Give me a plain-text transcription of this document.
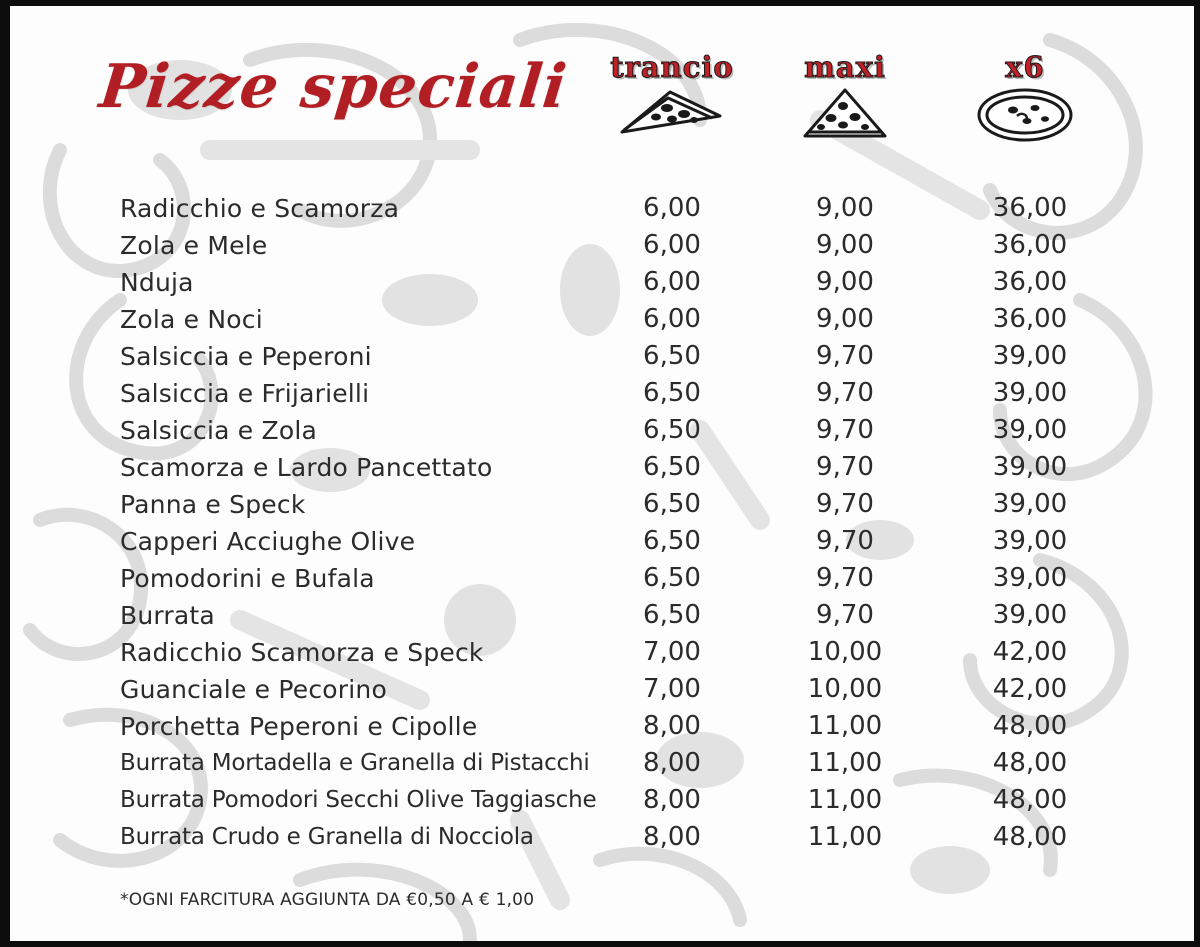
Pizze speciali	trancio	maxi	x6
Radicchio e Scamorza	6,00	9,00	36,00
Zola e Mele	6,00	9,00	36,00
Nduja	6,00	9,00	36,00
Zola e Noci	6,00	9,00	36,00
Salsiccia e Peperoni	6,50	9,70	39,00
Salsiccia e Frijarielli	6,50	9,70	39,00
Salsiccia e Zola	6,50	9,70	39,00
Scamorza e Lardo Pancettato	6,50	9,70	39,00
Panna e Speck	6,50	9,70	39,00
Capperi Acciughe Olive	6,50	9,70	39,00
Pomodorini e Bufala	6,50	9,70	39,00
Burrata	6,50	9,70	39,00
Radicchio Scamorza e Speck	7,00	10,00	42,00
Guanciale e Pecorino	7,00	10,00	42,00
Porchetta Peperoni e Cipolle	8,00	11,00	48,00
Burrata Mortadella e Granella di Pistacchi	8,00	11,00	48,00
Burrata Pomodori Secchi Olive Taggiasche	8,00	11,00	48,00
Burrata Crudo e Granella di Nocciola	8,00	11,00	48,00
*OGNI FARCITURA AGGIUNTA DA €0,50 A € 1,00
